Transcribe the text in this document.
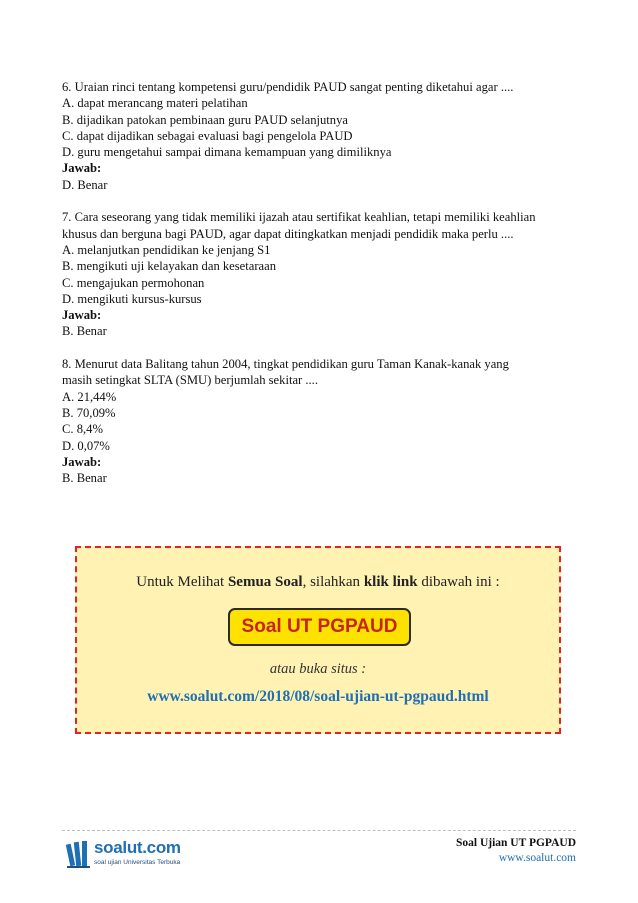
6. Uraian rinci tentang kompetensi guru/pendidik PAUD sangat penting diketahui agar ....
A. dapat merancang materi pelatihan
B. dijadikan patokan pembinaan guru PAUD selanjutnya
C. dapat dijadikan sebagai evaluasi bagi pengelola PAUD
D. guru mengetahui sampai dimana kemampuan yang dimiliknya
Jawab:
D. Benar
7. Cara seseorang yang tidak memiliki ijazah atau sertifikat keahlian, tetapi memiliki keahlian
khusus dan berguna bagi PAUD, agar dapat ditingkatkan menjadi pendidik maka perlu ....
A. melanjutkan pendidikan ke jenjang S1
B. mengikuti uji kelayakan dan kesetaraan
C. mengajukan permohonan
D. mengikuti kursus-kursus
Jawab:
B. Benar
8. Menurut data Balitang tahun 2004, tingkat pendidikan guru Taman Kanak-kanak yang
masih setingkat SLTA (SMU) berjumlah sekitar ....
A. 21,44%
B. 70,09%
C. 8,4%
D. 0,07%
Jawab:
B. Benar
Untuk Melihat Semua Soal, silahkan klik link dibawah ini :
Soal UT PGPAUD
atau buka situs :
www.soalut.com/2018/08/soal-ujian-ut-pgpaud.html
soalut.com
soal ujian Universitas Terbuka
Soal Ujian UT PGPAUD
www.soalut.com
